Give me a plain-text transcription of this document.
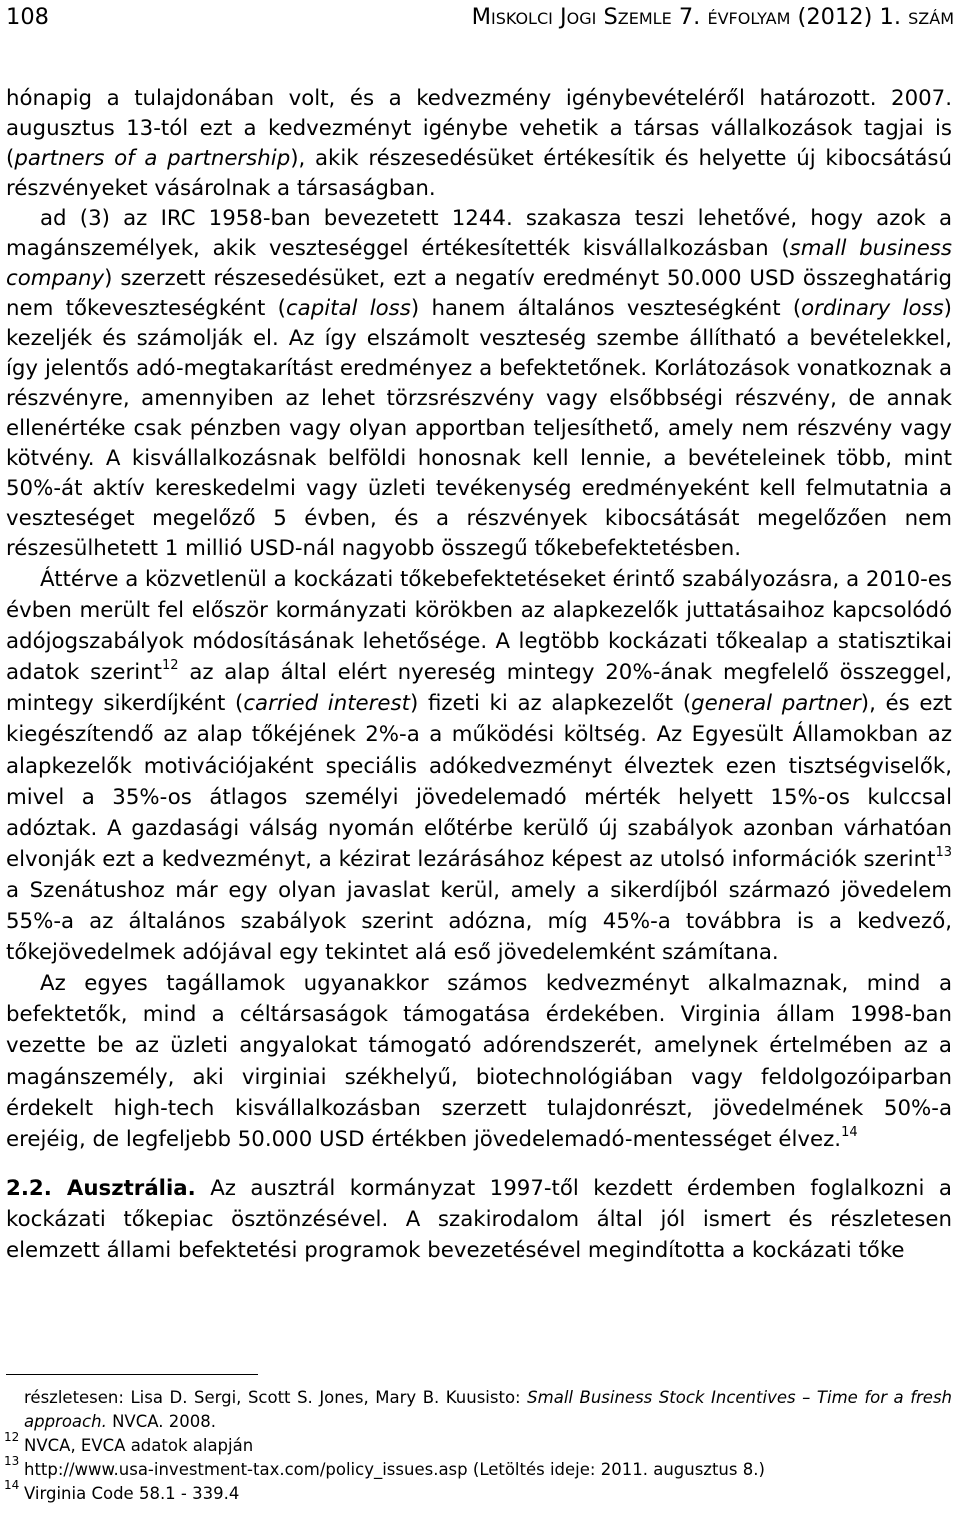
108	Miskolci Jogi Szemle 7. évfolyam (2012) 1. szám

hónapig a tulajdonában volt, és a kedvezmény igénybevételéről határozott. 2007. augusztus 13-tól ezt a kedvezményt igénybe vehetik a társas vállalkozások tagjai is (partners of a partnership), akik részesedésüket értékesítik és helyette új kibocsátású részvényeket vásárolnak a társaságban.

ad (3) az IRC 1958-ban bevezetett 1244. szakasza teszi lehetővé, hogy azok a magánszemélyek, akik veszteséggel értékesítették kisvállalkozásban (small business company) szerzett részesedésüket, ezt a negatív eredményt 50.000 USD összeghatárig nem tőkeveszteségként (capital loss) hanem általános veszteségként (ordinary loss) kezeljék és számolják el. Az így elszámolt veszteség szembe állítható a bevételekkel, így jelentős adó-megtakarítást eredményez a befektetőnek. Korlátozások vonatkoznak a részvényre, amennyiben az lehet törzsrészvény vagy elsőbbségi részvény, de annak ellenértéke csak pénzben vagy olyan apportban teljesíthető, amely nem részvény vagy kötvény. A kisvállalkozásnak belföldi honosnak kell lennie, a bevételeinek több, mint 50%-át aktív kereskedelmi vagy üzleti tevékenység eredményeként kell felmutatnia a veszteséget megelőző 5 évben, és a részvények kibocsátását megelőzően nem részesülhetett 1 millió USD-nál nagyobb összegű tőkebefektetésben.

Áttérve a közvetlenül a kockázati tőkebefektetéseket érintő szabályozásra, a 2010-es évben merült fel először kormányzati körökben az alapkezelők juttatásaihoz kapcsolódó adójogszabályok módosításának lehetősége. A legtöbb kockázati tőkealap a statisztikai adatok szerint$^{12}$ az alap által elért nyereség mintegy 20%-ának megfelelő összeggel, mintegy sikerdíjként (carried interest) fizeti ki az alapkezelőt (general partner), és ezt kiegészítendő az alap tőkéjének 2%-a a működési költség. Az Egyesült Államokban az alapkezelők motivációjaként speciális adókedvezményt élveztek ezen tisztségviselők, mivel a 35%-os átlagos személyi jövedelemadó mérték helyett 15%-os kulccsal adóztak. A gazdasági válság nyomán előtérbe kerülő új szabályok azonban várhatóan elvonják ezt a kedvezményt, a kézirat lezárásához képest az utolsó információk szerint$^{13}$ a Szenátushoz már egy olyan javaslat kerül, amely a sikerdíjból származó jövedelem 55%-a az általános szabályok szerint adózna, míg 45%-a továbbra is a kedvező, tőkejövedelmek adójával egy tekintet alá eső jövedelemként számítana.

Az egyes tagállamok ugyanakkor számos kedvezményt alkalmaznak, mind a befektetők, mind a céltársaságok támogatása érdekében. Virginia állam 1998-ban vezette be az üzleti angyalokat támogató adórendszerét, amelynek értelmében az a magánszemély, aki virginiai székhelyű, biotechnológiában vagy feldolgozóiparban érdekelt high-tech kisvállalkozásban szerzett tulajdonrészt, jövedelmének 50%-a erejéig, de legfeljebb 50.000 USD értékben jövedelemadó-mentességet élvez.$^{14}$

2.2. Ausztrália. Az ausztrál kormányzat 1997-től kezdett érdemben foglalkozni a kockázati tőkepiac ösztönzésével. A szakirodalom által jól ismert és részletesen elemzett állami befektetési programok bevezetésével megindította a kockázati tőke

részletesen: Lisa D. Sergi, Scott S. Jones, Mary B. Kuusisto: Small Business Stock Incentives – Time for a fresh approach. NVCA. 2008.
12 NVCA, EVCA adatok alapján
13 http://www.usa-investment-tax.com/policy_issues.asp (Letöltés ideje: 2011. augusztus 8.)
14 Virginia Code 58.1 - 339.4
